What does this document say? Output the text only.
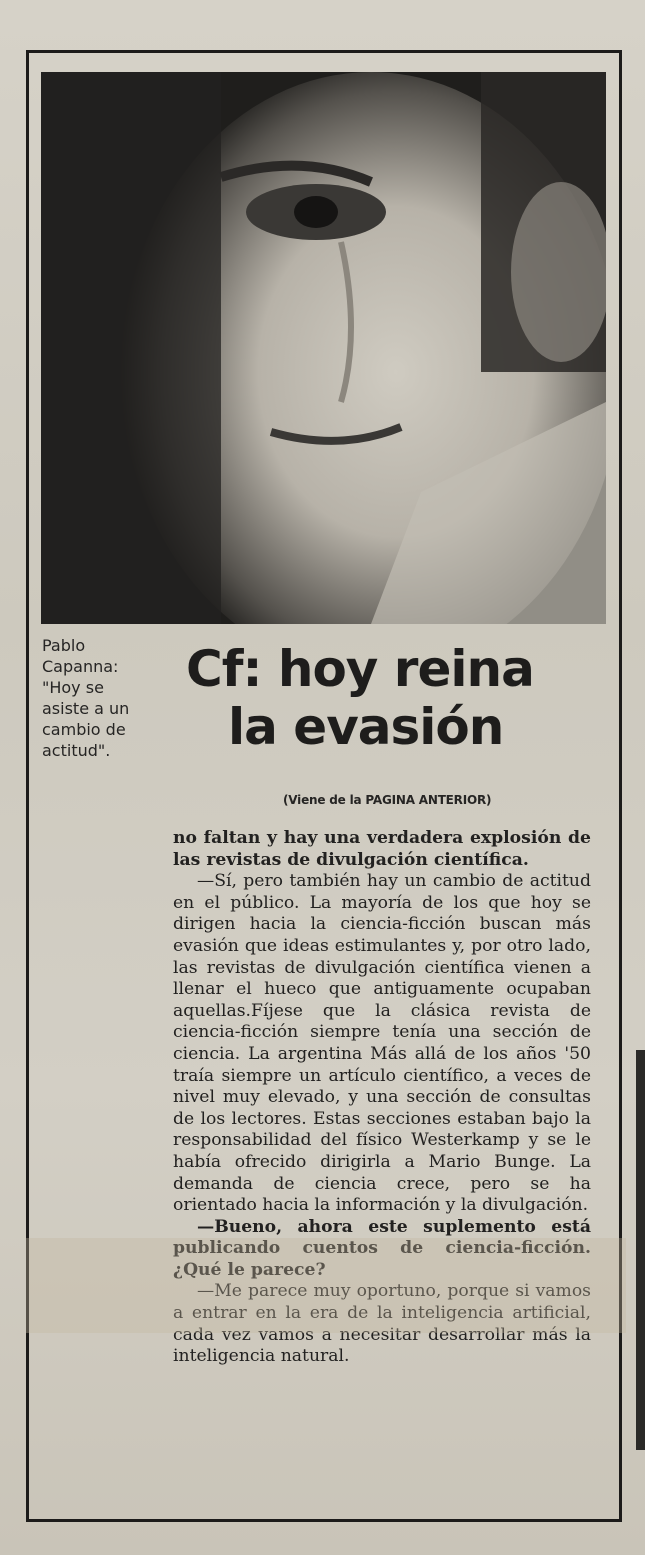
Pablo
Capanna:
"Hoy se
asiste a un
cambio de
actitud".
Cf: hoy reina
la evasión
(Viene de la PAGINA ANTERIOR)

no faltan y hay una verdadera explosión de las revistas de divulgación científica.

—Sí, pero también hay un cambio de actitud en el público. La mayoría de los que hoy se dirigen hacia la ciencia-ficción buscan más evasión que ideas estimulantes y, por otro lado, las revistas de divulgación científica vienen a llenar el hueco que antiguamente ocupaban aquellas.Fíjese que la clásica revista de ciencia-ficción siempre tenía una sección de ciencia. La argentina Más allá de los años '50 traía siempre un artículo científico, a veces de nivel muy elevado, y una sección de consultas de los lectores. Estas secciones estaban bajo la responsabilidad del físico Westerkamp y se le había ofrecido dirigirla a Mario Bunge. La demanda de ciencia crece, pero se ha orientado hacia la información y la divulgación.

—Bueno, ahora este suplemento está publicando cuentos de ciencia-ficción. ¿Qué le parece?

—Me parece muy oportuno, porque si vamos a entrar en la era de la inteligencia artificial, cada vez vamos a necesitar desarrollar más la inteligencia natural.
